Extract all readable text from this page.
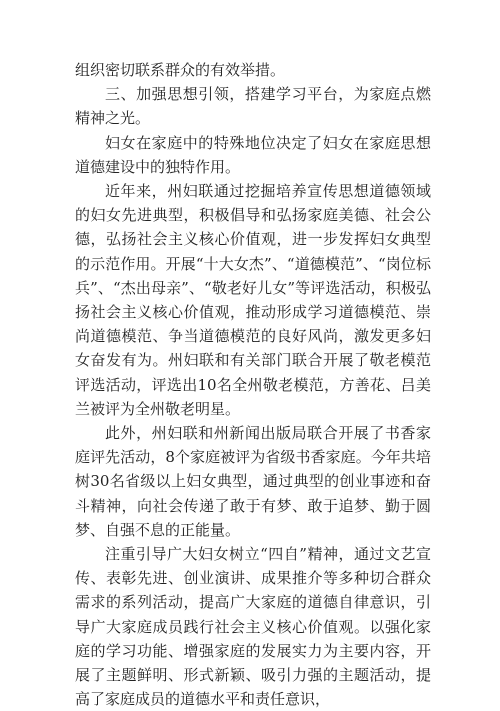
组织密切联系群众的有效举措。

三、加强思想引领，搭建学习平台，为家庭点燃精神之光。

妇女在家庭中的特殊地位决定了妇女在家庭思想道德建设中的独特作用。

近年来，州妇联通过挖掘培养宣传思想道德领域的妇女先进典型，积极倡导和弘扬家庭美德、社会公德，弘扬社会主义核心价值观，进一步发挥妇女典型的示范作用。开展“十大女杰”、“道德模范”、“岗位标兵”、“杰出母亲”、“敬老好儿女”等评选活动，积极弘扬社会主义核心价值观，推动形成学习道德模范、崇尚道德模范、争当道德模范的良好风尚，激发更多妇女奋发有为。州妇联和有关部门联合开展了敬老模范评选活动，评选出10名全州敬老模范，方善花、吕美兰被评为全州敬老明星。

此外，州妇联和州新闻出版局联合开展了书香家庭评先活动，8个家庭被评为省级书香家庭。今年共培树30名省级以上妇女典型，通过典型的创业事迹和奋斗精神，向社会传递了敢于有梦、敢于追梦、勤于圆梦、自强不息的正能量。

注重引导广大妇女树立“四自”精神，通过文艺宣传、表彰先进、创业演讲、成果推介等多种切合群众需求的系列活动，提高广大家庭的道德自律意识，引导广大家庭成员践行社会主义核心价值观。以强化家庭的学习功能、增强家庭的发展实力为主要内容，开展了主题鲜明、形式新颖、吸引力强的主题活动，提高了家庭成员的道德水平和责任意识，
